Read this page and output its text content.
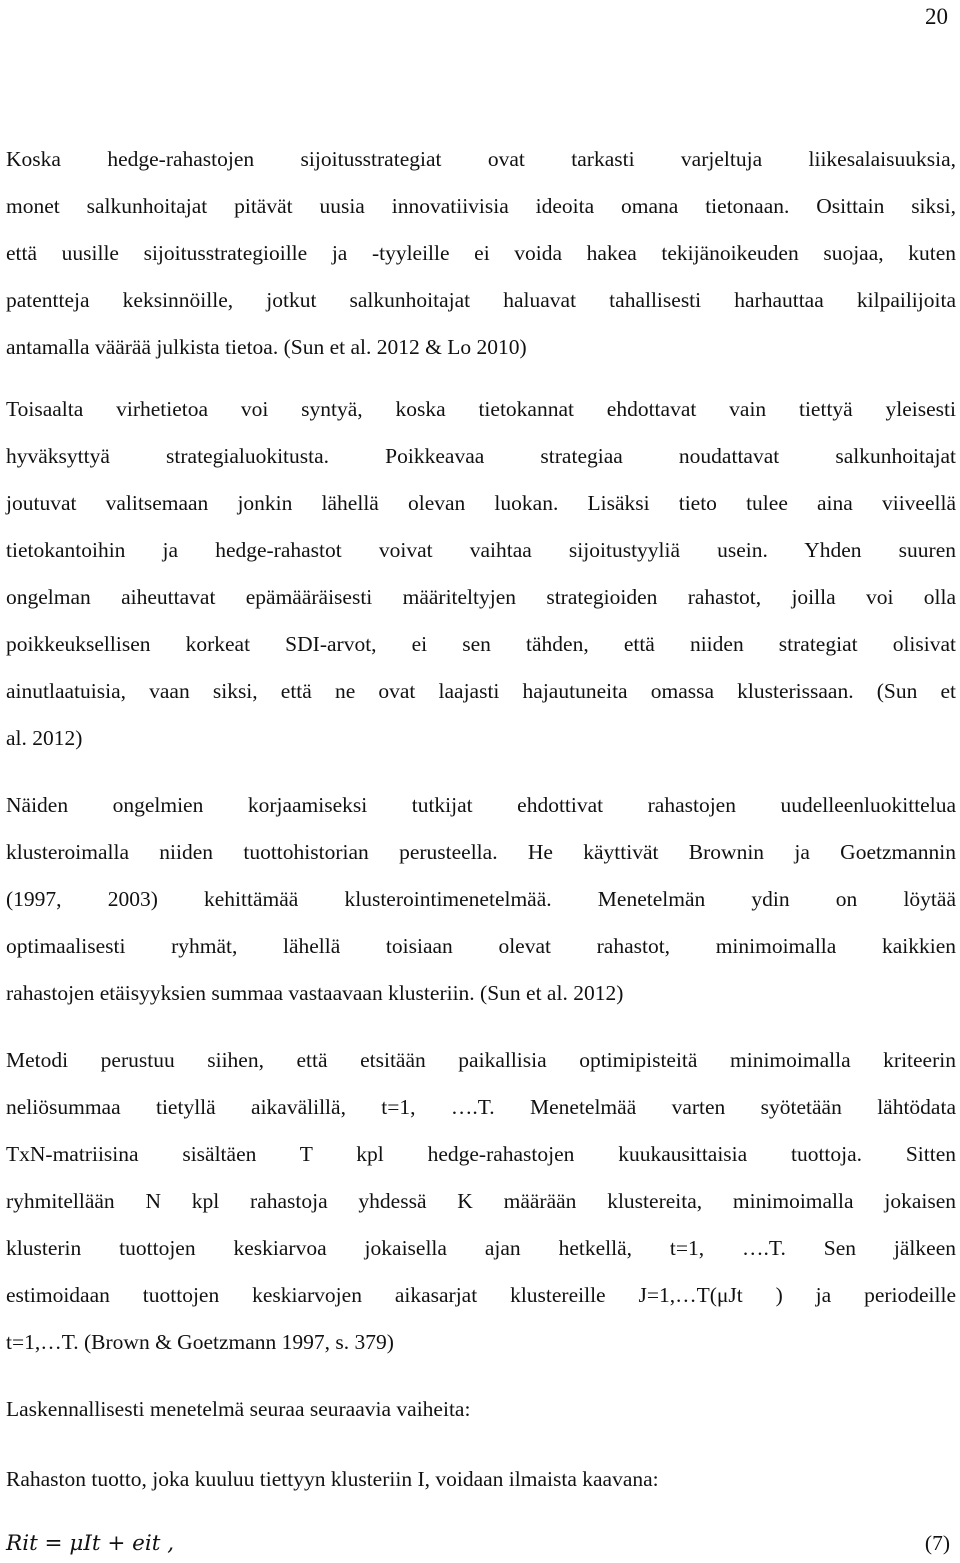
20
Koska hedge-rahastojen sijoitusstrategiat ovat tarkasti varjeltuja liikesalaisuuksia,
monet salkunhoitajat pitävät uusia innovatiivisia ideoita omana tietonaan. Osittain siksi,
että uusille sijoitusstrategioille ja -tyyleille ei voida hakea tekijänoikeuden suojaa, kuten
patentteja keksinnöille, jotkut salkunhoitajat haluavat tahallisesti harhauttaa kilpailijoita
antamalla väärää julkista tietoa. (Sun et al. 2012 & Lo 2010)
Toisaalta virhetietoa voi syntyä, koska tietokannat ehdottavat vain tiettyä yleisesti
hyväksyttyä strategialuokitusta. Poikkeavaa strategiaa noudattavat salkunhoitajat
joutuvat valitsemaan jonkin lähellä olevan luokan. Lisäksi tieto tulee aina viiveellä
tietokantoihin ja hedge-rahastot voivat vaihtaa sijoitustyyliä usein. Yhden suuren
ongelman aiheuttavat epämääräisesti määriteltyjen strategioiden rahastot, joilla voi olla
poikkeuksellisen korkeat SDI-arvot, ei sen tähden, että niiden strategiat olisivat
ainutlaatuisia, vaan siksi, että ne ovat laajasti hajautuneita omassa klusterissaan. (Sun et
al. 2012)
Näiden ongelmien korjaamiseksi tutkijat ehdottivat rahastojen uudelleenluokittelua
klusteroimalla niiden tuottohistorian perusteella. He käyttivät Brownin ja Goetzmannin
(1997, 2003) kehittämää klusterointimenetelmää. Menetelmän ydin on löytää
optimaalisesti ryhmät, lähellä toisiaan olevat rahastot, minimoimalla kaikkien
rahastojen etäisyyksien summaa vastaavaan klusteriin. (Sun et al. 2012)
Metodi perustuu siihen, että etsitään paikallisia optimipisteitä minimoimalla kriteerin
neliösummaa tietyllä aikavälillä, t=1, ….T. Menetelmää varten syötetään lähtödata
TxN-matriisina sisältäen T kpl hedge-rahastojen kuukausittaisia tuottoja. Sitten
ryhmitellään N kpl rahastoja yhdessä K määrään klustereita, minimoimalla jokaisen
klusterin tuottojen keskiarvoa jokaisella ajan hetkellä, t=1, ….T. Sen jälkeen
estimoidaan tuottojen keskiarvojen aikasarjat klustereille J=1,…T(μJt ) ja periodeille
t=1,…T. (Brown & Goetzmann 1997, s. 379)
Laskennallisesti menetelmä seuraa seuraavia vaiheita:
Rahaston tuotto, joka kuuluu tiettyyn klusteriin I, voidaan ilmaista kaavana:
Rit = μIt + eit ,	(7)
